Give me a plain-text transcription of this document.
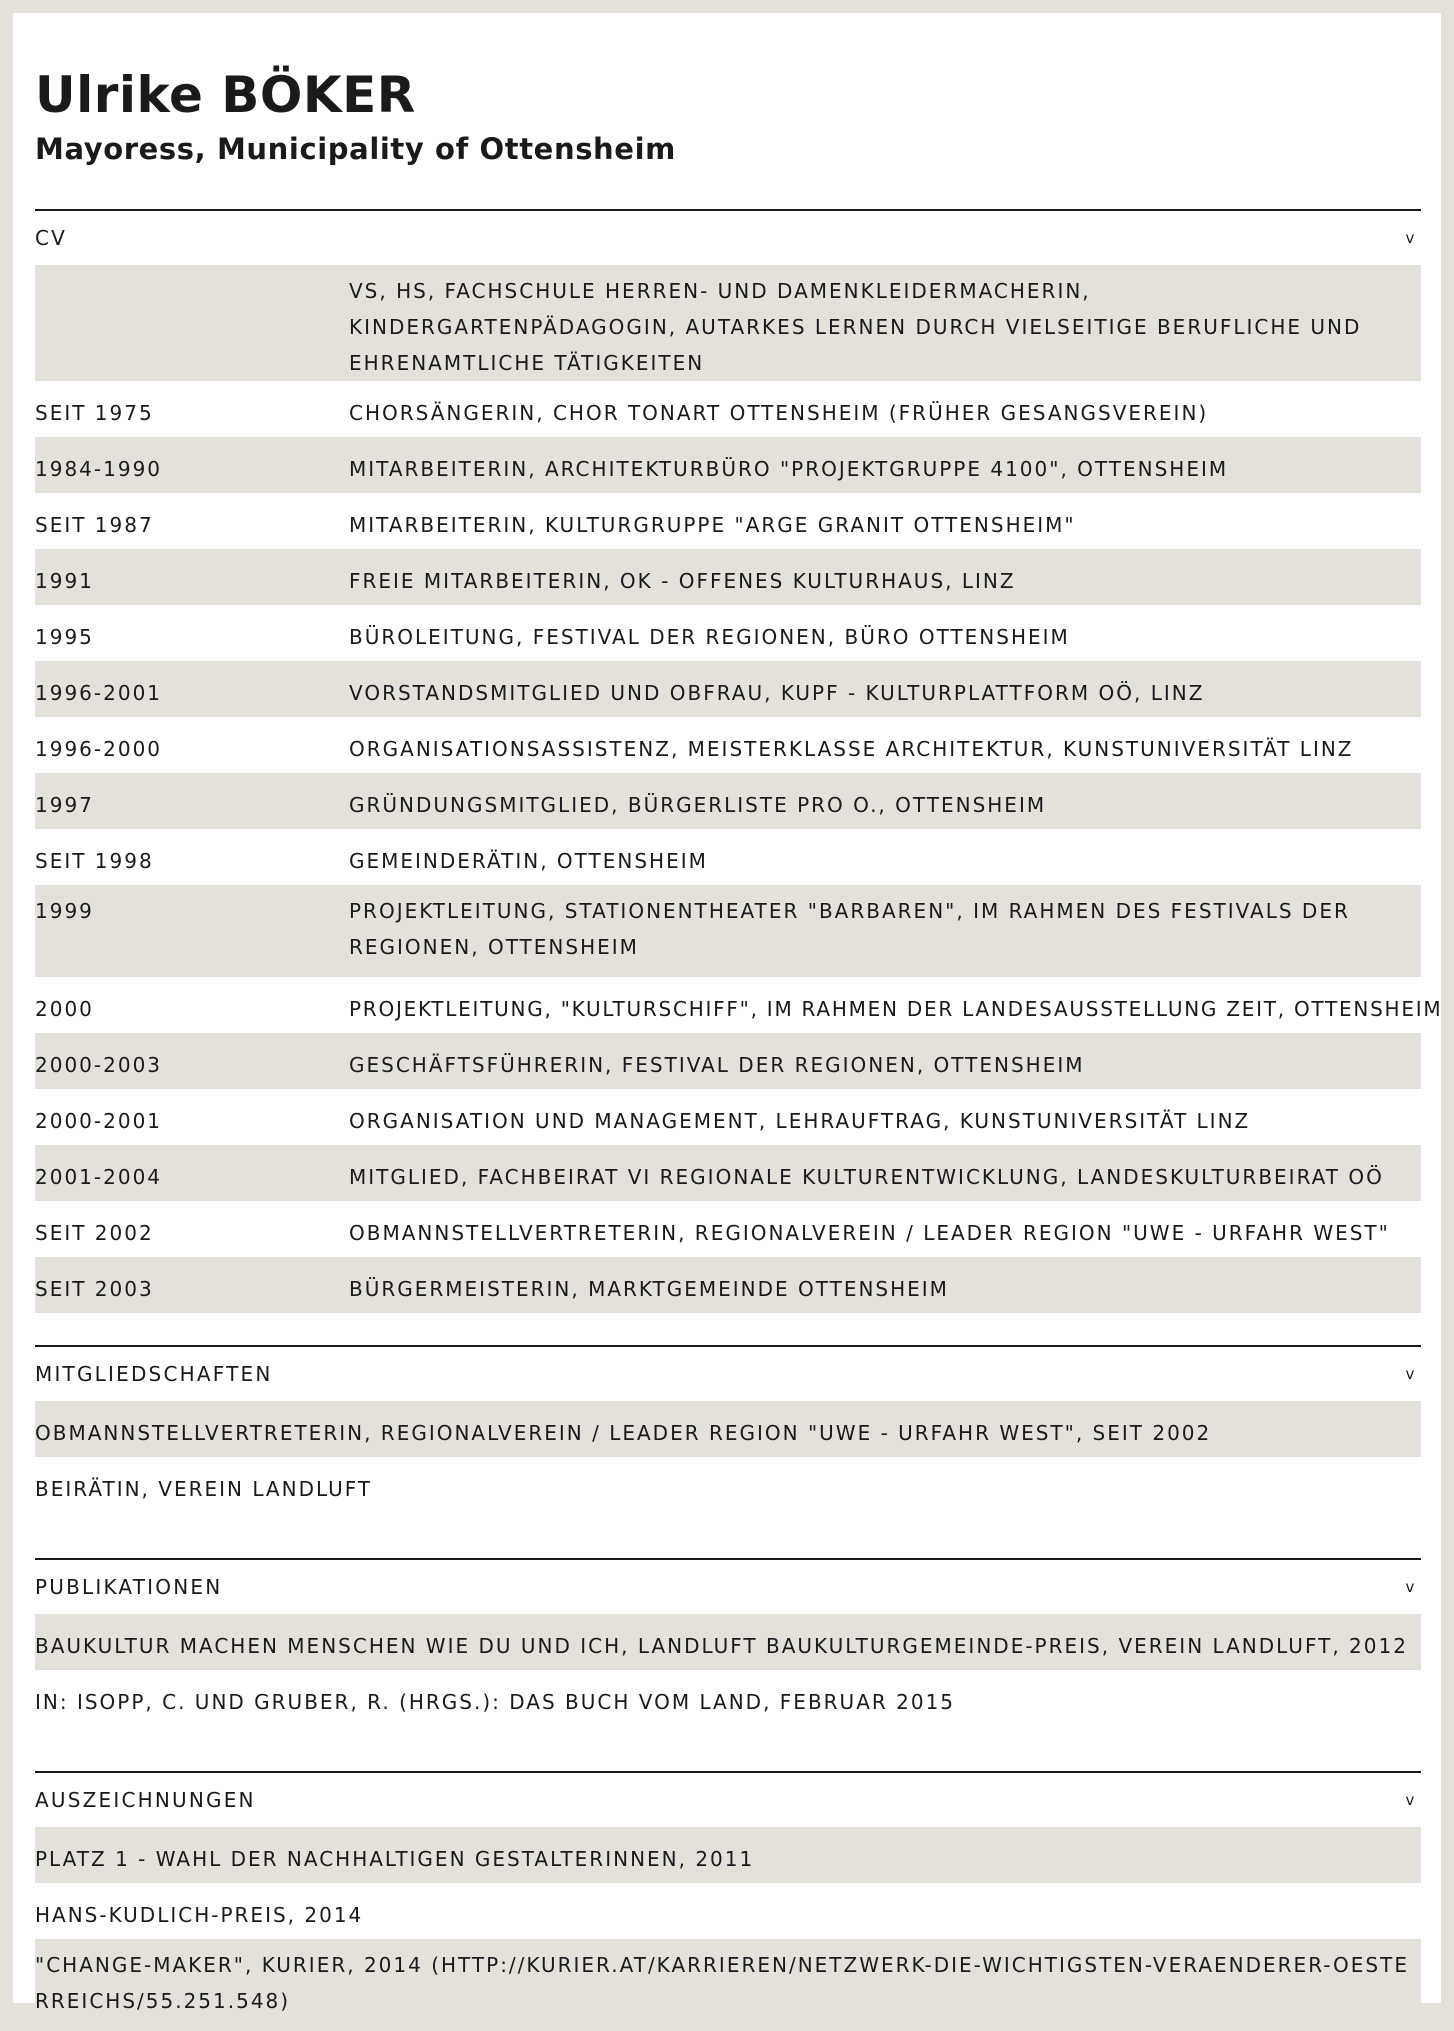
Ulrike BÖKER
Mayoress, Municipality of Ottensheim
CV	v
VS, HS, FACHSCHULE HERREN- UND DAMENKLEIDERMACHERIN, KINDERGARTENPÄDAGOGIN, AUTARKES LERNEN DURCH VIELSEITIGE BERUFLICHE UND EHRENAMTLICHE TÄTIGKEITEN
SEIT 1975	CHORSÄNGERIN, CHOR TONART OTTENSHEIM (FRÜHER GESANGSVEREIN)
1984-1990	MITARBEITERIN, ARCHITEKTURBÜRO "PROJEKTGRUPPE 4100", OTTENSHEIM
SEIT 1987	MITARBEITERIN, KULTURGRUPPE "ARGE GRANIT OTTENSHEIM"
1991	FREIE MITARBEITERIN, OK - OFFENES KULTURHAUS, LINZ
1995	BÜROLEITUNG, FESTIVAL DER REGIONEN, BÜRO OTTENSHEIM
1996-2001	VORSTANDSMITGLIED UND OBFRAU, KUPF - KULTURPLATTFORM OÖ, LINZ
1996-2000	ORGANISATIONSASSISTENZ, MEISTERKLASSE ARCHITEKTUR, KUNSTUNIVERSITÄT LINZ
1997	GRÜNDUNGSMITGLIED, BÜRGERLISTE PRO O., OTTENSHEIM
SEIT 1998	GEMEINDERÄTIN, OTTENSHEIM
1999	PROJEKTLEITUNG, STATIONENTHEATER "BARBAREN", IM RAHMEN DES FESTIVALS DER REGIONEN, OTTENSHEIM
2000	PROJEKTLEITUNG, "KULTURSCHIFF", IM RAHMEN DER LANDESAUSSTELLUNG ZEIT, OTTENSHEIM
2000-2003	GESCHÄFTSFÜHRERIN, FESTIVAL DER REGIONEN, OTTENSHEIM
2000-2001	ORGANISATION UND MANAGEMENT, LEHRAUFTRAG, KUNSTUNIVERSITÄT LINZ
2001-2004	MITGLIED, FACHBEIRAT VI REGIONALE KULTURENTWICKLUNG, LANDESKULTURBEIRAT OÖ
SEIT 2002	OBMANNSTELLVERTRETERIN, REGIONALVEREIN / LEADER REGION "UWE - URFAHR WEST"
SEIT 2003	BÜRGERMEISTERIN, MARKTGEMEINDE OTTENSHEIM
MITGLIEDSCHAFTEN	v
OBMANNSTELLVERTRETERIN, REGIONALVEREIN / LEADER REGION "UWE - URFAHR WEST", SEIT 2002
BEIRÄTIN, VEREIN LANDLUFT
PUBLIKATIONEN	v
BAUKULTUR MACHEN MENSCHEN WIE DU UND ICH, LANDLUFT BAUKULTURGEMEINDE-PREIS, VEREIN LANDLUFT, 2012
IN: ISOPP, C. UND GRUBER, R. (HRGS.): DAS BUCH VOM LAND, FEBRUAR 2015
AUSZEICHNUNGEN	v
PLATZ 1 - WAHL DER NACHHALTIGEN GESTALTERINNEN, 2011
HANS-KUDLICH-PREIS, 2014
"CHANGE-MAKER", KURIER, 2014 (HTTP://KURIER.AT/KARRIEREN/NETZWERK-DIE-WICHTIGSTEN-VERAENDERER-OESTERREICHS/55.251.548)
